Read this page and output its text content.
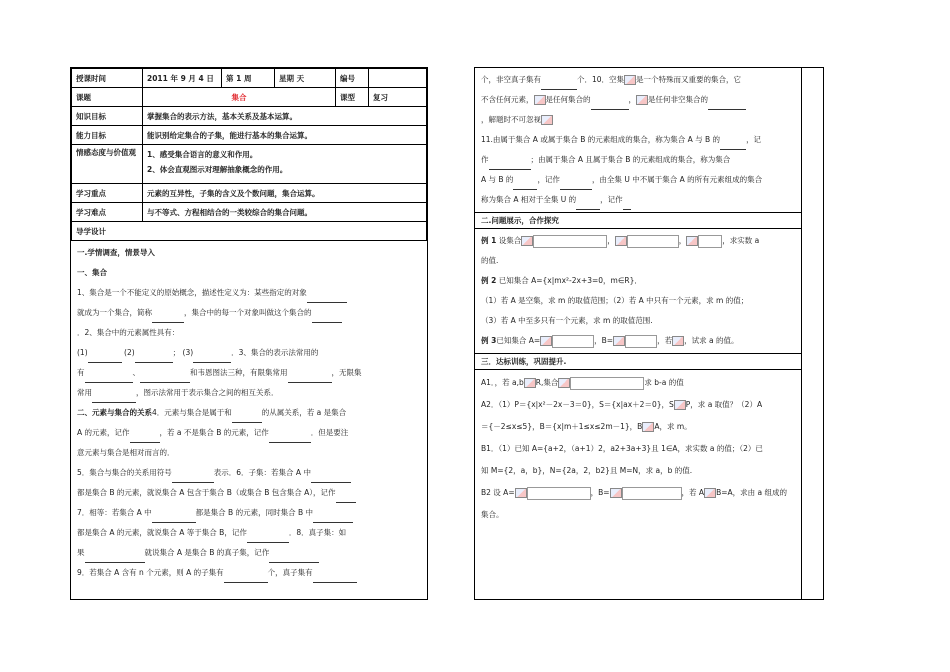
授课时间	2011 年 9 月 4 日	第 1 周	星期 天	编号	
课题	集合			课型	复习
知识目标	掌握集合的表示方法，基本关系及基本运算。				
能力目标	能识别给定集合的子集，能进行基本的集合运算。				
情感态度与价值观	1、感受集合语言的意义和作用。
2、体会直观图示对理解抽象概念的作用。				

学习重点	元素的互异性，子集的含义及个数问题，集合运算。				
学习难点	与不等式、方程相结合的一类较综合的集合问题。				
导学设计					

一.学情调查，情景导入

一、集合

1、集合是一个不能定义的原始概念，描述性定义为：某些指定的对象

就成为一个集合，简称	，集合中的每一个对象叫做这个集合的

．2、集合中的元素属性具有：

(1)	(2)	； (3)	．3、集合的表示法常用的

有	、	和韦恩图法三种，有限集常用	，无限集

常用	，图示法常用于表示集合之间的相互关系．

二、元素与集合的关系4．元素与集合是属于和	的从属关系，若 a 是集合

A 的元素，记作	，若 a 不是集合 B 的元素，记作	．但是要注

意元素与集合是相对而言的．

5．集合与集合的关系用符号	表示．6．子集：若集合 A 中

都是集合 B 的元素，就说集合 A 包含于集合 B（或集合 B 包含集合 A），记作

7．相等：若集合 A 中	都是集合 B 的元素，同时集合 B 中

都是集合 A 的元素，就说集合 A 等于集合 B，记作	．8．真子集：如

果	就说集合 A 是集合 B 的真子集，记作

9．若集合 A 含有 n 个元素，则 A 的子集有	个，真子集有

个，非空真子集有	个．10．空集 是一个特殊而又重要的集合，它

不含任何元素， 是任何集合的	， 是任何非空集合的

，解题时不可忽视

11.由属于集合 A 或属于集合 B 的元素组成的集合，称为集合 A 与 B 的	，记

作	；由属于集合 A 且属于集合 B 的元素组成的集合，称为集合

A 与 B 的	，记作	，由全集 U 中不属于集合 A 的所有元素组成的集合

称为集合 A 相对于全集 U 的	，记作

二.问题展示，合作探究

例 1 设集合	，	，	，求实数 a

的值.

例 2 已知集合 A={x|mx²-2x+3=0，m∈R}．

（1）若 A 是空集，求 m 的取值范围；（2）若 A 中只有一个元素，求 m 的值；

（3）若 A 中至多只有一个元素，求 m 的取值范围.

例 3已知集合 A=	，B=	，若 ，试求 a 的值。

三．达标训练，巩固提升.

A1．，若 a,b R,集合	求 b-a 的值

A2．（1）P＝{x|x²－2x－3＝0}，S＝{x|ax＋2＝0}，S P，求 a 取值？（2）A

＝{－2≤x≤5}，B＝{x|m＋1≤x≤2m－1}，B A，求 m。

B1．（1）已知 A={a+2，（a+1）2，a2+3a+3}且 1∈A，求实数 a 的值；（2）已

知 M={2，a，b}，N={2a，2，b2}且 M=N，求 a，b 的值.

B2 设 A=	，B=	，若 A B=A，求由 a 组成的

集合。
